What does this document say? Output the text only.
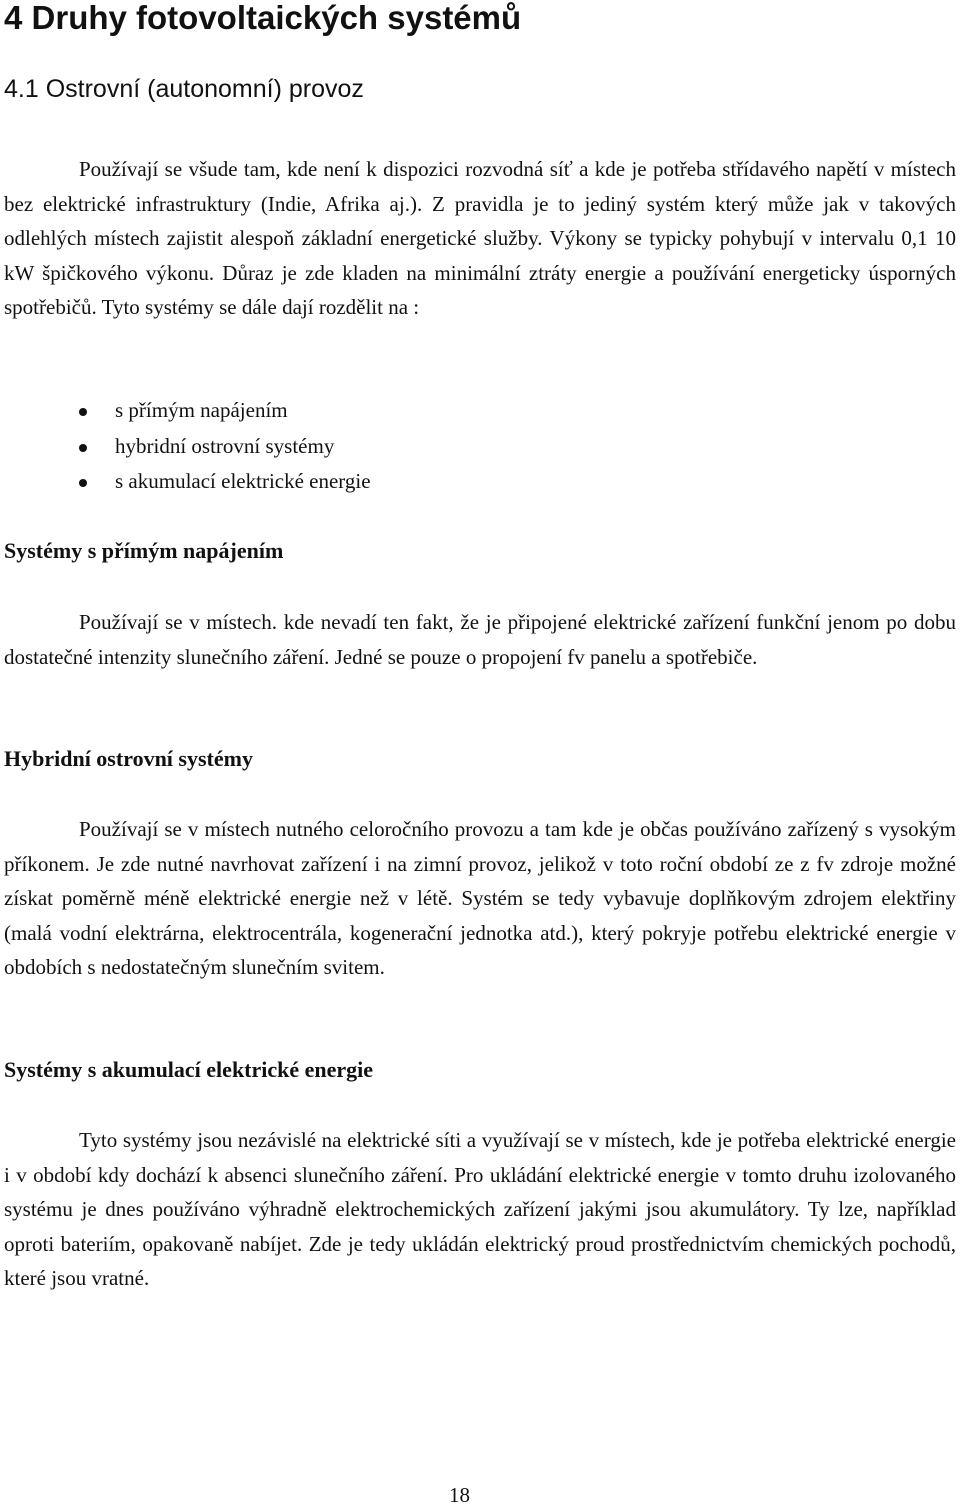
4 Druhy fotovoltaických systémů
4.1 Ostrovní (autonomní) provoz

Používají se všude tam, kde není k dispozici rozvodná síť a kde je potřeba střídavého napětí v místech bez elektrické infrastruktury (Indie, Afrika aj.). Z pravidla je to jediný systém který může jak v takových odlehlých místech zajistit alespoň základní energetické služby. Výkony se typicky pohybují v intervalu 0,1 10 kW špičkového výkonu. Důraz je zde kladen na minimální ztráty energie a používání energeticky úsporných spotřebičů. Tyto systémy se dále dají rozdělit na :

s přímým napájením
hybridní ostrovní systémy
s akumulací elektrické energie
Systémy s přímým napájením

Používají se v místech. kde nevadí ten fakt, že je připojené elektrické zařízení funkční jenom po dobu dostatečné intenzity slunečního záření. Jedné se pouze o propojení fv panelu a spotřebiče.

Hybridní ostrovní systémy

Používají se v místech nutného celoročního provozu a tam kde je občas používáno zařízený s vysokým příkonem. Je zde nutné navrhovat zařízení i na zimní provoz, jelikož v toto roční období ze z fv zdroje možné získat poměrně méně elektrické energie než v létě. Systém se tedy vybavuje doplňkovým zdrojem elektřiny (malá vodní elektrárna, elektrocentrála, kogenerační jednotka atd.), který pokryje potřebu elektrické energie v obdobích s nedostatečným slunečním svitem.

Systémy s akumulací elektrické energie

Tyto systémy jsou nezávislé na elektrické síti a využívají se v místech, kde je potřeba elektrické energie i v období kdy dochází k absenci slunečního záření. Pro ukládání elektrické energie v tomto druhu izolovaného systému je dnes používáno výhradně elektrochemických zařízení jakými jsou akumulátory. Ty lze, například oproti bateriím, opakovaně nabíjet. Zde je tedy ukládán elektrický proud prostřednictvím chemických pochodů, které jsou vratné.

18
